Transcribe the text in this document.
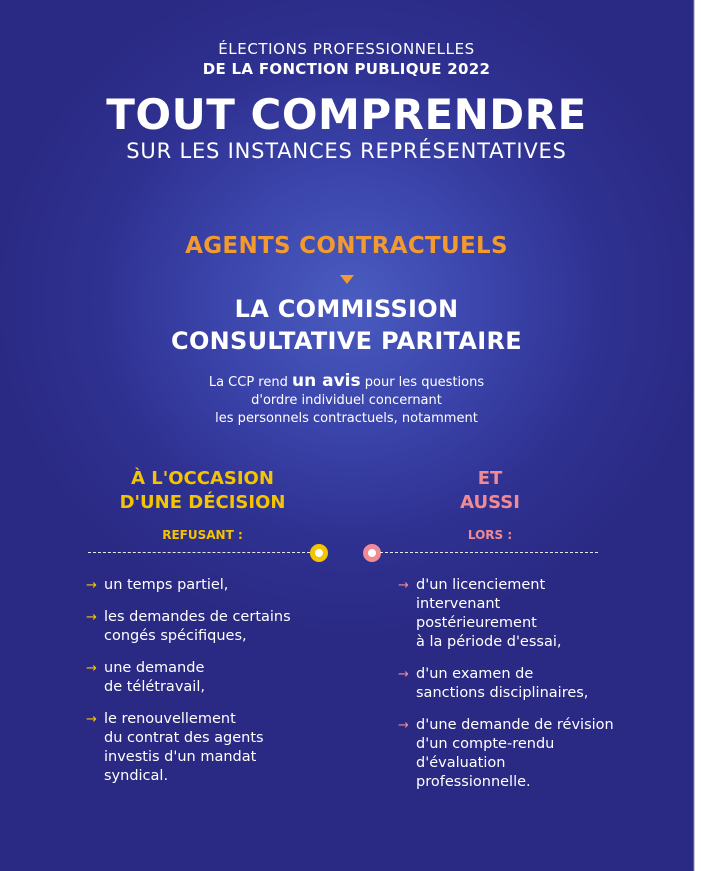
ÉLECTIONS PROFESSIONNELLES
DE LA FONCTION PUBLIQUE 2022
TOUT COMPRENDRE
SUR LES INSTANCES REPRÉSENTATIVES
AGENTS CONTRACTUELS
LA COMMISSION
CONSULTATIVE PARITAIRE
La CCP rend un avis pour les questions
d'ordre individuel concernant
les personnels contractuels, notamment
À L'OCCASION
D'UNE DÉCISION
ET
AUSSI
REFUSANT :	LORS :
→ un temps partiel,
→ les demandes de certains
congés spécifiques,
→ une demande
de télétravail,
→ le renouvellement
du contrat des agents
investis d'un mandat
syndical.
→ d'un licenciement
intervenant
postérieurement
à la période d'essai,
→ d'un examen de
sanctions disciplinaires,
→ d'une demande de révision
d'un compte-rendu
d'évaluation
professionnelle.
